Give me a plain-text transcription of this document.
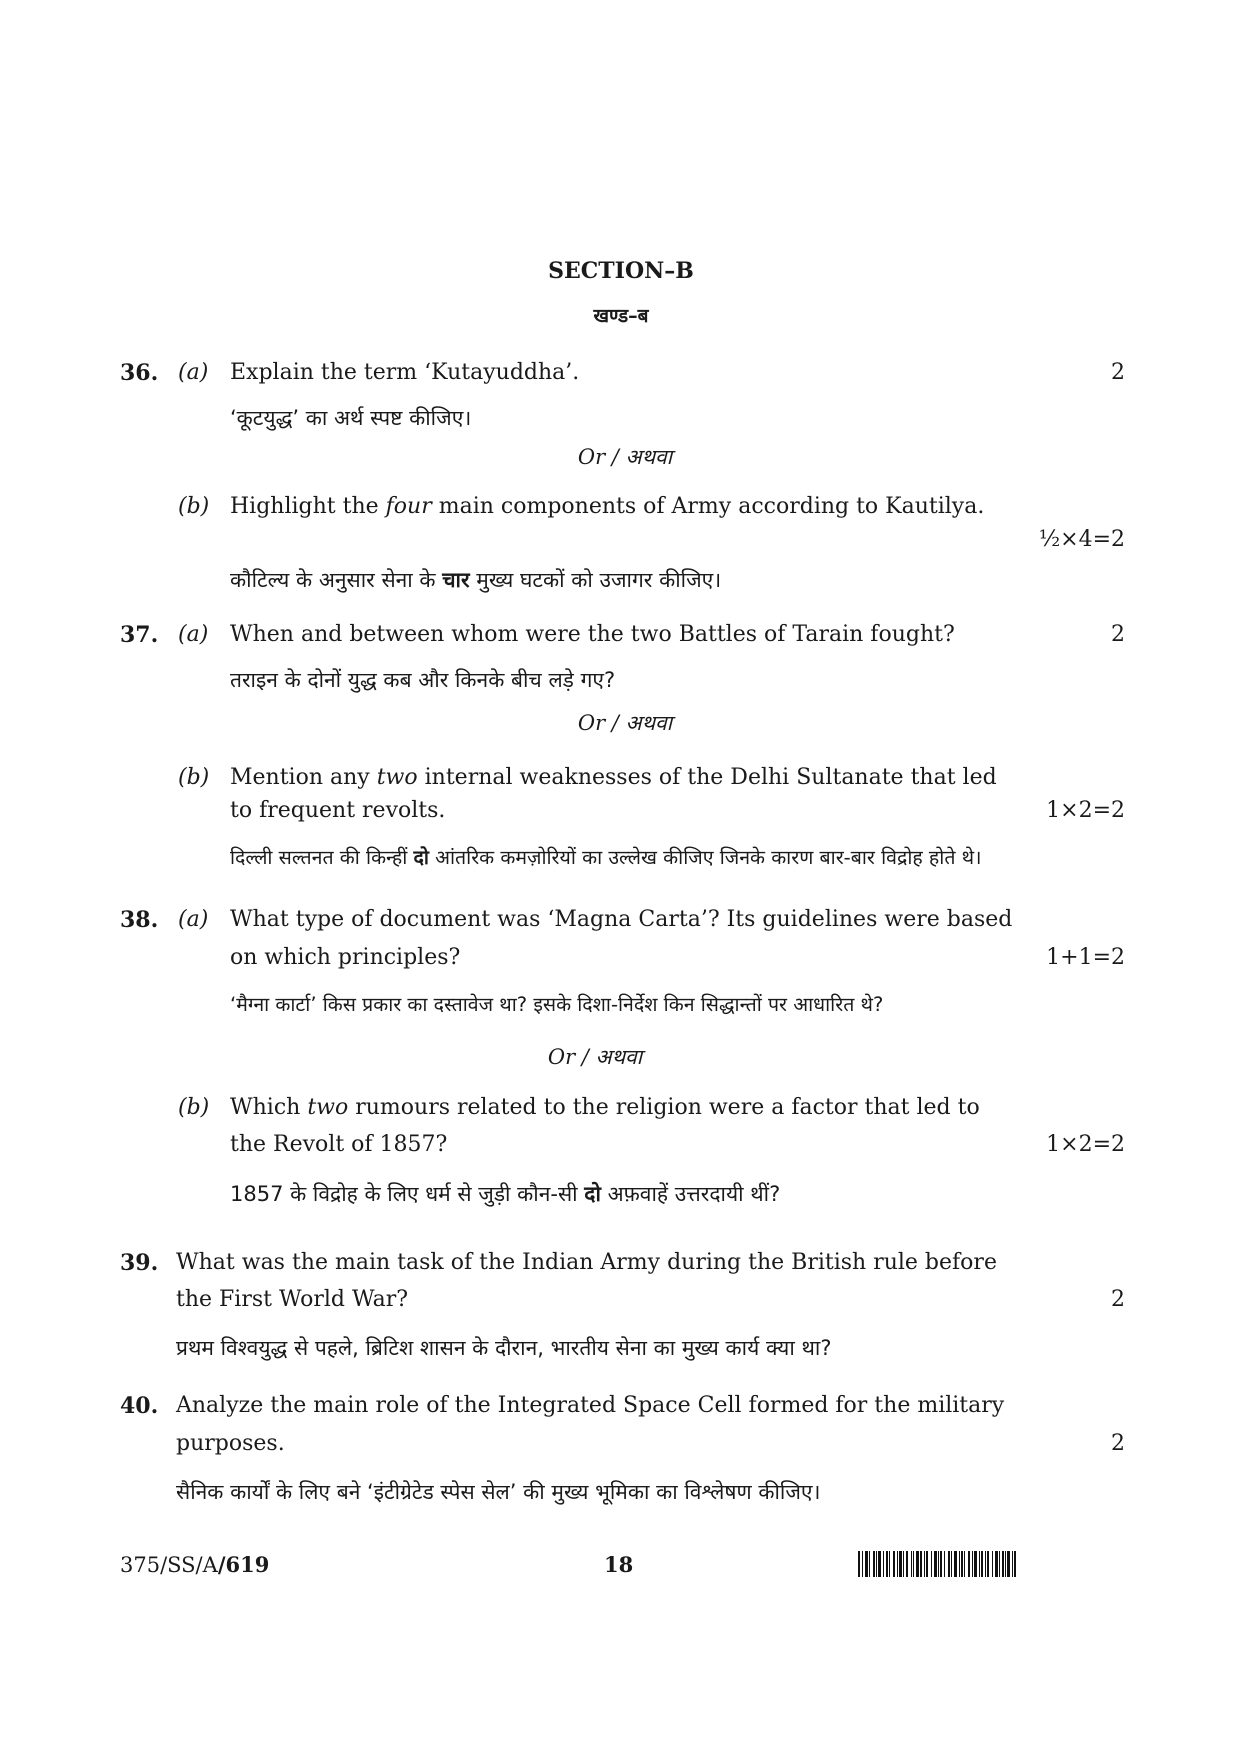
SECTION–B
खण्ड–ब
36. (a) Explain the term ‘Kutayuddha’.	2
‘कूटयुद्ध’ का अर्थ स्पष्ट कीजिए।
Or / अथवा
(b) Highlight the four main components of Army according to Kautilya.
½×4=2
कौटिल्य के अनुसार सेना के चार मुख्य घटकों को उजागर कीजिए।
37. (a) When and between whom were the two Battles of Tarain fought?	2
तराइन के दोनों युद्ध कब और किनके बीच लड़े गए?
Or / अथवा
(b) Mention any two internal weaknesses of the Delhi Sultanate that led
to frequent revolts.	1×2=2
दिल्ली सल्तनत की किन्हीं दो आंतरिक कमज़ोरियों का उल्लेख कीजिए जिनके कारण बार-बार विद्रोह होते थे।
38. (a) What type of document was ‘Magna Carta’? Its guidelines were based
on which principles?	1+1=2
‘मैग्ना कार्टा’ किस प्रकार का दस्तावेज था? इसके दिशा-निर्देश किन सिद्धान्तों पर आधारित थे?
Or / अथवा
(b) Which two rumours related to the religion were a factor that led to
the Revolt of 1857?	1×2=2
1857 के विद्रोह के लिए धर्म से जुड़ी कौन-सी दो अफ़वाहें उत्तरदायी थीं?
39. What was the main task of the Indian Army during the British rule before
the First World War?	2
प्रथम विश्वयुद्ध से पहले, ब्रिटिश शासन के दौरान, भारतीय सेना का मुख्य कार्य क्या था?
40. Analyze the main role of the Integrated Space Cell formed for the military
purposes.	2
सैनिक कार्यों के लिए बने ‘इंटीग्रेटेड स्पेस सेल’ की मुख्य भूमिका का विश्लेषण कीजिए।
375/SS/A/619	18
